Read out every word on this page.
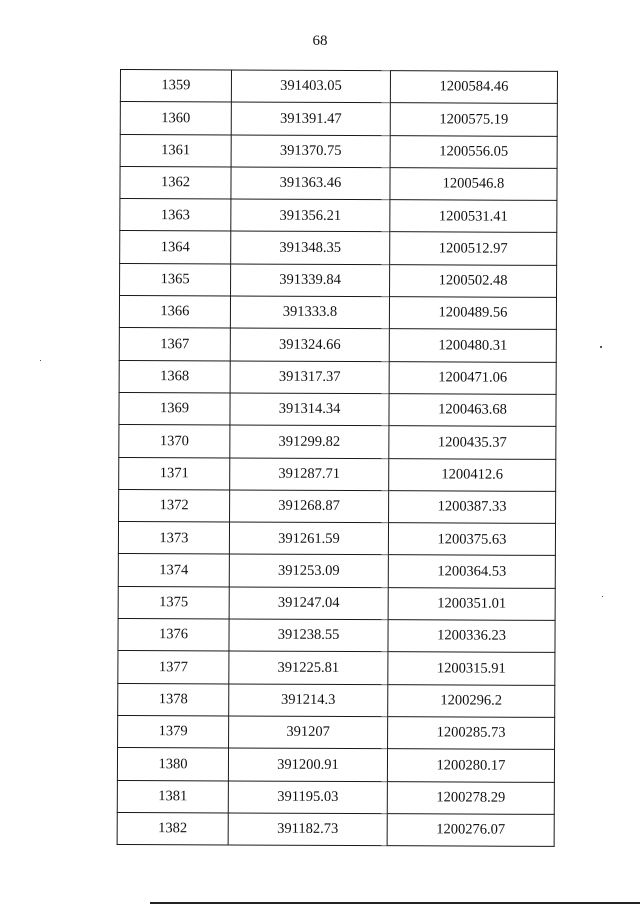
68
1359	391403.05	1200584.46
1360	391391.47	1200575.19
1361	391370.75	1200556.05
1362	391363.46	1200546.8
1363	391356.21	1200531.41
1364	391348.35	1200512.97
1365	391339.84	1200502.48
1366	391333.8	1200489.56
1367	391324.66	1200480.31
1368	391317.37	1200471.06
1369	391314.34	1200463.68
1370	391299.82	1200435.37
1371	391287.71	1200412.6
1372	391268.87	1200387.33
1373	391261.59	1200375.63
1374	391253.09	1200364.53
1375	391247.04	1200351.01
1376	391238.55	1200336.23
1377	391225.81	1200315.91
1378	391214.3	1200296.2
1379	391207	1200285.73
1380	391200.91	1200280.17
1381	391195.03	1200278.29
1382	391182.73	1200276.07
